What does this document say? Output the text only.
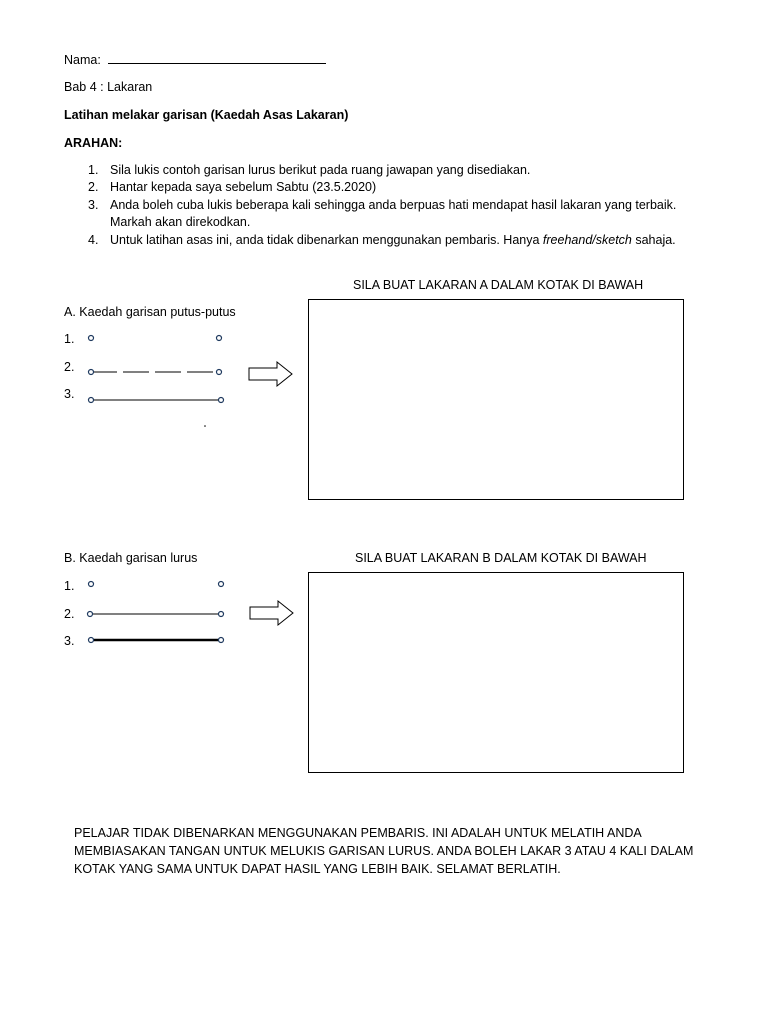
Nama:
Bab 4 : Lakaran
Latihan melakar garisan (Kaedah Asas Lakaran)
ARAHAN:
1. Sila lukis contoh garisan lurus berikut pada ruang jawapan yang disediakan.
2. Hantar kepada saya sebelum Sabtu (23.5.2020)
3. Anda boleh cuba lukis beberapa kali sehingga anda berpuas hati mendapat hasil lakaran yang terbaik.
Markah akan direkodkan.
4. Untuk latihan asas ini, anda tidak dibenarkan menggunakan pembaris. Hanya freehand/sketch sahaja.
SILA BUAT LAKARAN A DALAM KOTAK DI BAWAH
A. Kaedah garisan putus-putus
1.
2.
3.
B. Kaedah garisan lurus	SILA BUAT LAKARAN B DALAM KOTAK DI BAWAH
1.
2.
3.
PELAJAR TIDAK DIBENARKAN MENGGUNAKAN PEMBARIS. INI ADALAH UNTUK MELATIH ANDA MEMBIASAKAN TANGAN UNTUK MELUKIS GARISAN LURUS. ANDA BOLEH LAKAR 3 ATAU 4 KALI DALAM KOTAK YANG SAMA UNTUK DAPAT HASIL YANG LEBIH BAIK. SELAMAT BERLATIH.
